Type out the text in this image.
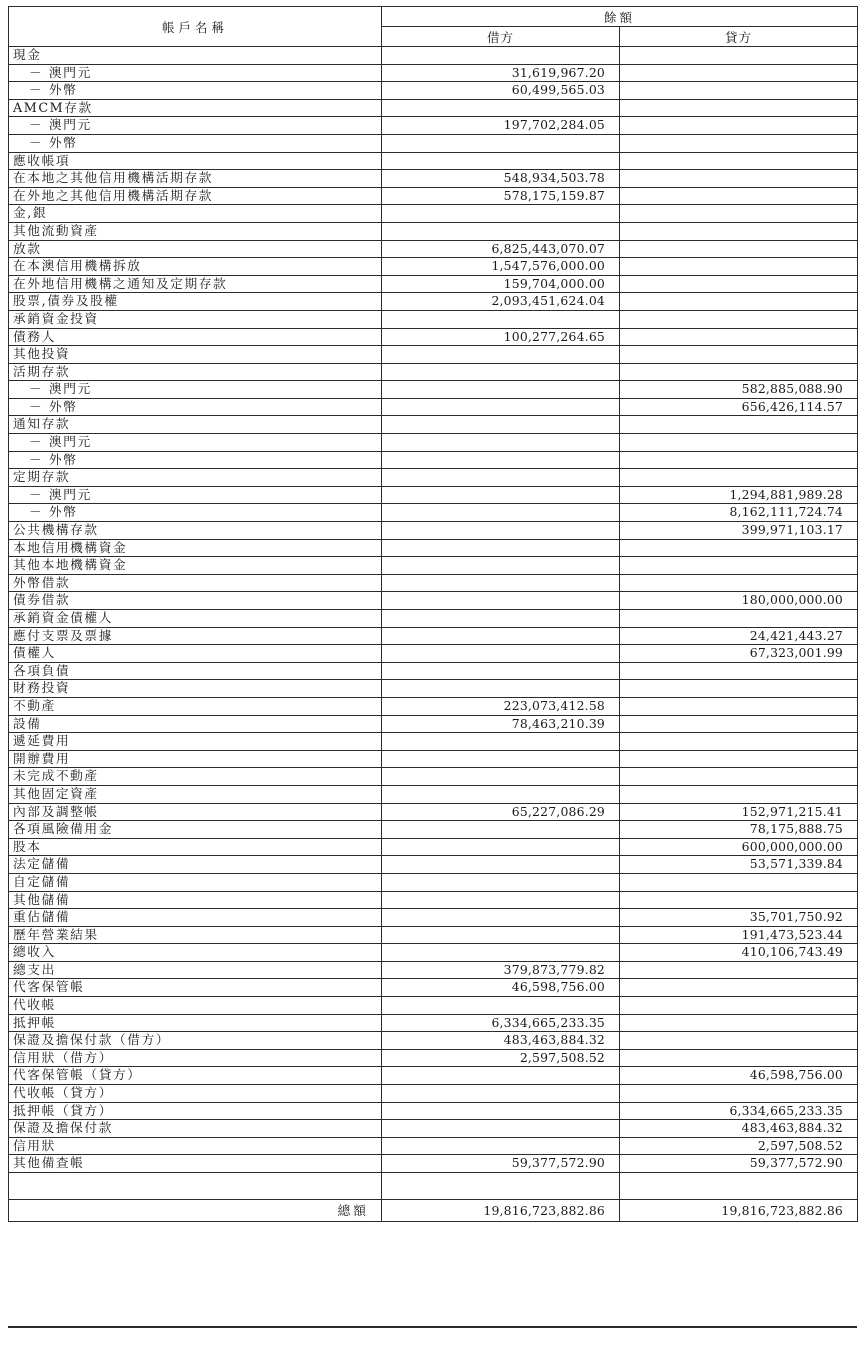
帳戶名稱	餘額	
	借方	貸方
現金		
－ 澳門元	31,619,967.20	
－ 外幣	60,499,565.03	
AMCM存款		
－ 澳門元	197,702,284.05	
－ 外幣		
應收帳項		
在本地之其他信用機構活期存款	548,934,503.78	
在外地之其他信用機構活期存款	578,175,159.87	
金,銀		
其他流動資產		
放款	6,825,443,070.07	
在本澳信用機構拆放	1,547,576,000.00	
在外地信用機構之通知及定期存款	159,704,000.00	
股票,債券及股權	2,093,451,624.04	
承銷資金投資		
債務人	100,277,264.65	
其他投資		
活期存款		
－ 澳門元		582,885,088.90
－ 外幣		656,426,114.57
通知存款		
－ 澳門元		
－ 外幣		
定期存款		
－ 澳門元		1,294,881,989.28
－ 外幣		8,162,111,724.74
公共機構存款		399,971,103.17
本地信用機構資金		
其他本地機構資金		
外幣借款		
債券借款		180,000,000.00
承銷資金債權人		
應付支票及票據		24,421,443.27
債權人		67,323,001.99
各項負債		
財務投資		
不動產	223,073,412.58	
設備	78,463,210.39	
遞延費用		
開辦費用		
未完成不動產		
其他固定資產		
內部及調整帳	65,227,086.29	152,971,215.41
各項風險備用金		78,175,888.75
股本		600,000,000.00
法定儲備		53,571,339.84
自定儲備		
其他儲備		
重佔儲備		35,701,750.92
歷年營業結果		191,473,523.44
總收入		410,106,743.49
總支出	379,873,779.82	
代客保管帳	46,598,756.00	
代收帳		
抵押帳	6,334,665,233.35	
保證及擔保付款（借方）	483,463,884.32	
信用狀（借方）	2,597,508.52	
代客保管帳（貸方）		46,598,756.00
代收帳（貸方）		
抵押帳（貸方）		6,334,665,233.35
保證及擔保付款		483,463,884.32
信用狀		2,597,508.52
其他備查帳	59,377,572.90	59,377,572.90

總額	19,816,723,882.86	19,816,723,882.86
